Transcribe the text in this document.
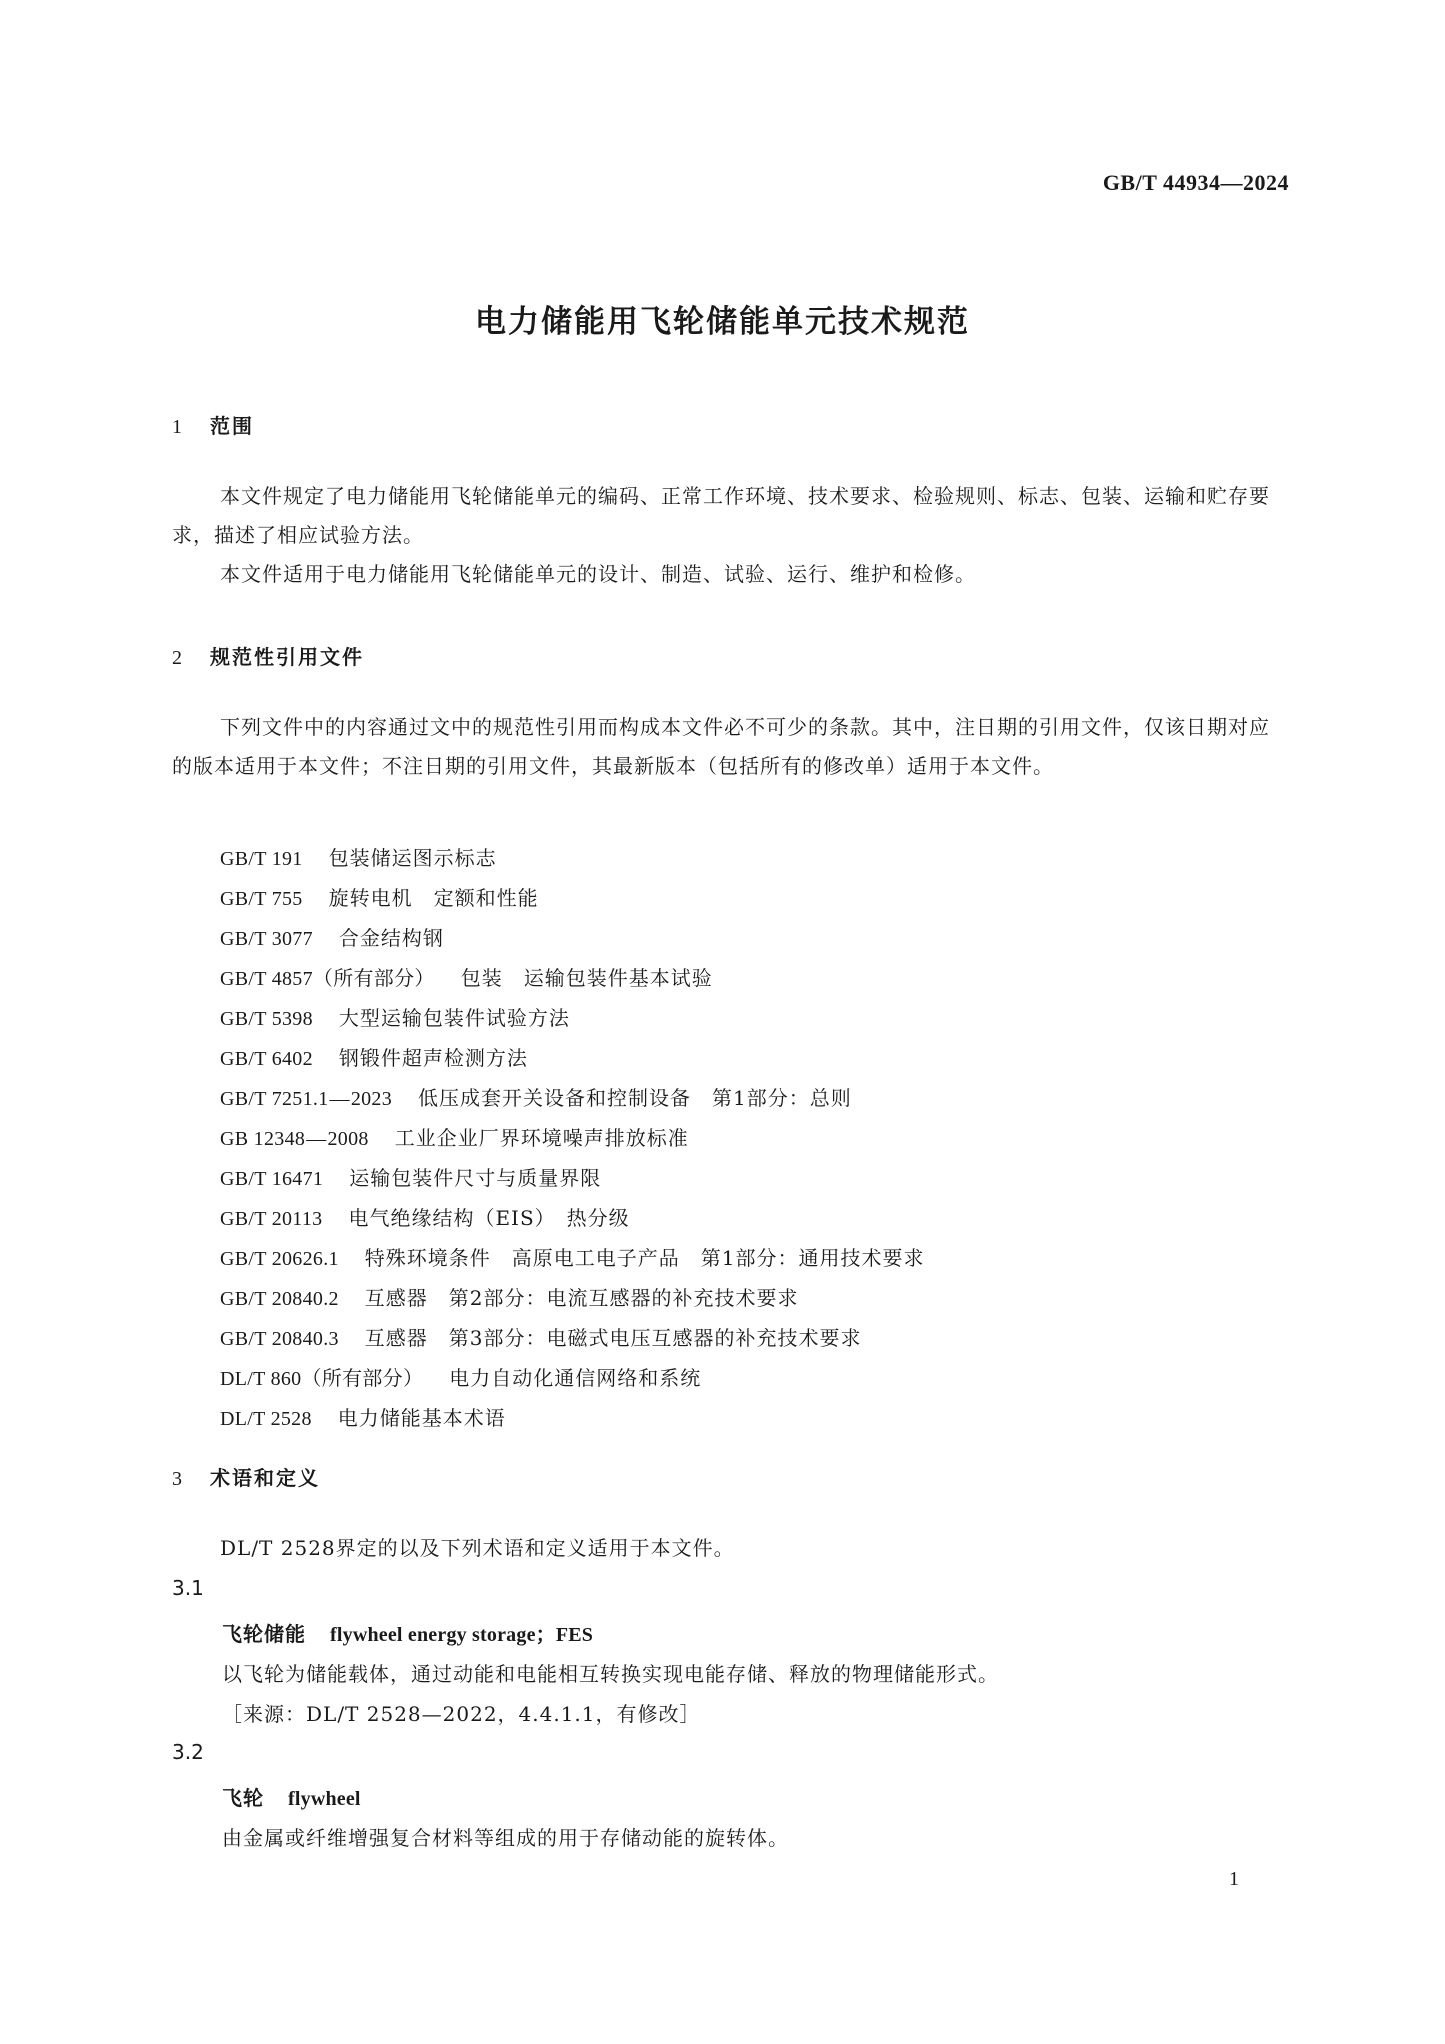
GB/T 44934—2024
电力储能用飞轮储能单元技术规范
1 范围

本文件规定了电力储能用飞轮储能单元的编码、正常工作环境、技术要求、检验规则、标志、包装、运输和贮存要求，描述了相应试验方法。

本文件适用于电力储能用飞轮储能单元的设计、制造、试验、运行、维护和检修。

2 规范性引用文件

下列文件中的内容通过文中的规范性引用而构成本文件必不可少的条款。其中，注日期的引用文件，仅该日期对应的版本适用于本文件；不注日期的引用文件，其最新版本（包括所有的修改单）适用于本文件。

GB/T 191 包装储运图示标志
GB/T 755 旋转电机　定额和性能
GB/T 3077 合金结构钢
GB/T 4857（所有部分） 包装　运输包装件基本试验
GB/T 5398 大型运输包装件试验方法
GB/T 6402 钢锻件超声检测方法
GB/T 7251.1—2023 低压成套开关设备和控制设备　第1部分：总则
GB 12348—2008 工业企业厂界环境噪声排放标准
GB/T 16471 运输包装件尺寸与质量界限
GB/T 20113 电气绝缘结构（EIS）　热分级
GB/T 20626.1 特殊环境条件　高原电工电子产品　第1部分：通用技术要求
GB/T 20840.2 互感器　第2部分：电流互感器的补充技术要求
GB/T 20840.3 互感器　第3部分：电磁式电压互感器的补充技术要求
DL/T 860（所有部分） 电力自动化通信网络和系统
DL/T 2528 电力储能基本术语
3 术语和定义

DL/T 2528界定的以及下列术语和定义适用于本文件。

3.1

飞轮储能 flywheel energy storage；FES

以飞轮为储能载体，通过动能和电能相互转换实现电能存储、释放的物理储能形式。

［来源：DL/T 2528—2022，4.4.1.1，有修改］

3.2

飞轮 flywheel

由金属或纤维增强复合材料等组成的用于存储动能的旋转体。

1
